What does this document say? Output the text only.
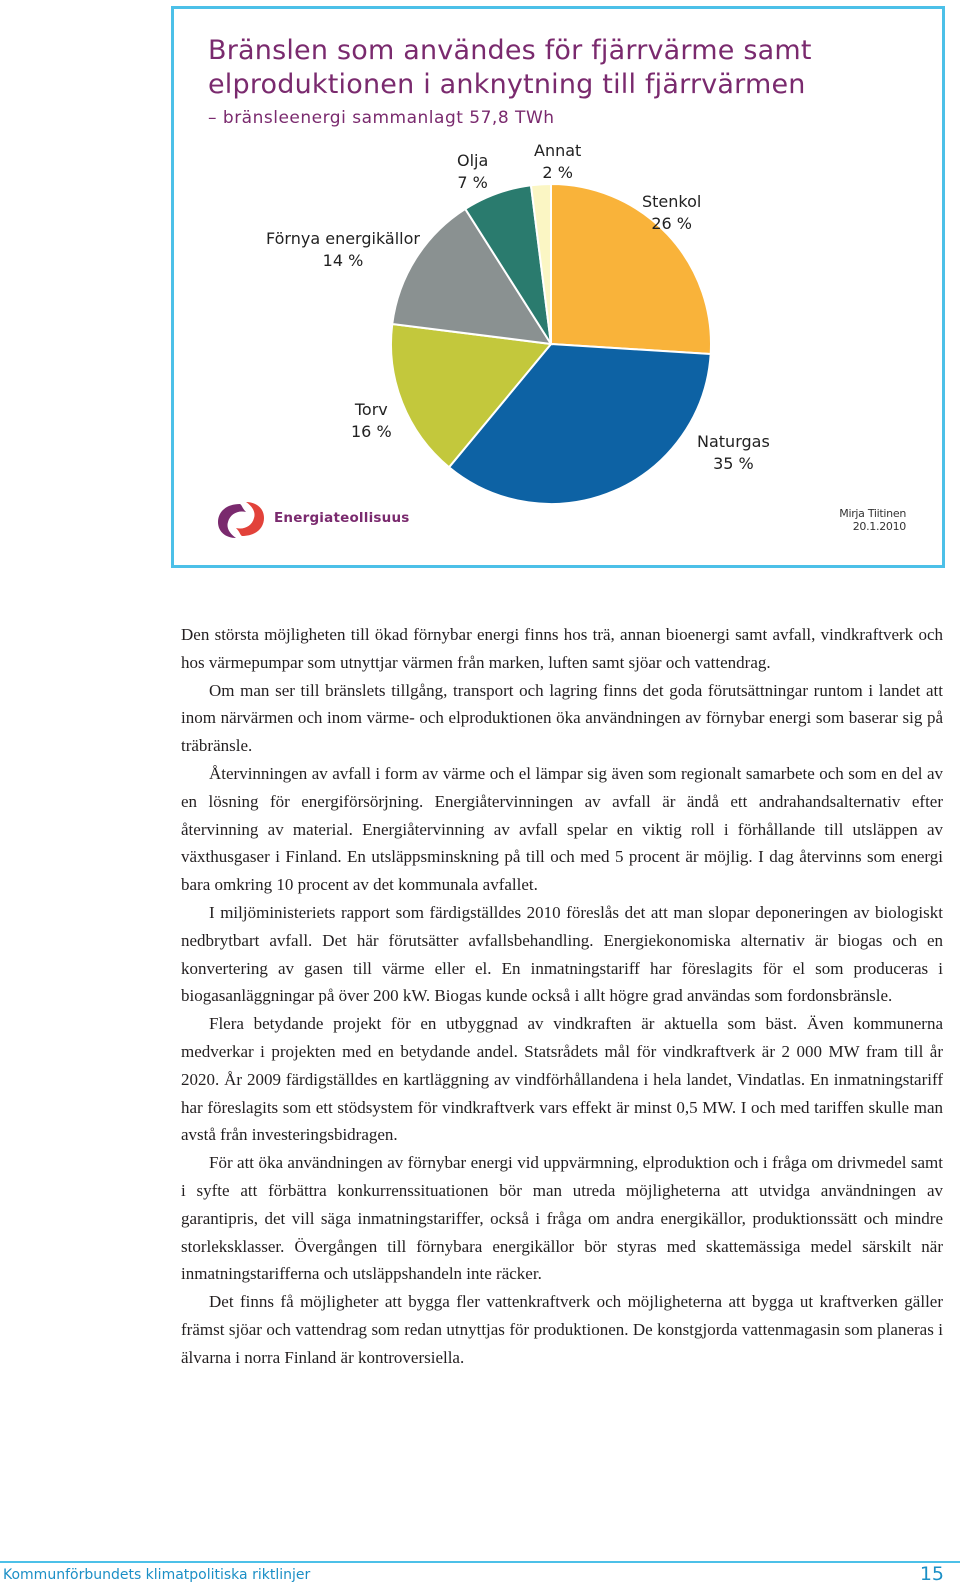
Bränslen som användes för fjärrvärme samt
elproduktionen i anknytning till fjärrvärmen
– bränsleenergi sammanlagt 57,8 TWh
Stenkol
26 %
Naturgas
35 %
Torv
16 %
Förnya energikällor
14 %
Olja
7 %
Annat
2 %
Energiateollisuus	Mirja Tiitinen
20.1.2010

Den största möjligheten till ökad förnybar energi finns hos trä, annan bioenergi samt avfall, vindkraftverk och hos värmepumpar som utnyttjar värmen från marken, luften samt sjöar och vattendrag.

Om man ser till bränslets tillgång, transport och lagring finns det goda förutsättningar runtom i landet att inom närvärmen och inom värme- och elproduktionen öka användningen av förnybar energi som baserar sig på träbränsle.

Återvinningen av avfall i form av värme och el lämpar sig även som regionalt samarbete och som en del av en lösning för energiförsörjning. Energiåtervinningen av avfall är ändå ett andrahandsalternativ efter återvinning av material. Energiåtervinning av avfall spelar en viktig roll i förhållande till utsläppen av växthusgaser i Finland. En utsläppsminskning på till och med 5 procent är möjlig. I dag återvinns som energi bara omkring 10 procent av det kommunala avfallet.

I miljöministeriets rapport som färdigställdes 2010 föreslås det att man slopar deponeringen av biologiskt nedbrytbart avfall. Det här förutsätter avfallsbehandling. Energiekonomiska alternativ är biogas och en konvertering av gasen till värme eller el. En inmatningstariff har föreslagits för el som produceras i biogasanläggningar på över 200 kW. Biogas kunde också i allt högre grad användas som fordonsbränsle.

Flera betydande projekt för en utbyggnad av vindkraften är aktuella som bäst. Även kommunerna medverkar i projekten med en betydande andel. Statsrådets mål för vindkraftverk är 2 000 MW fram till år 2020. År 2009 färdigställdes en kartläggning av vindförhållandena i hela landet, Vindatlas. En inmatningstariff har föreslagits som ett stödsystem för vindkraftverk vars effekt är minst 0,5 MW. I och med tariffen skulle man avstå från investeringsbidragen.

För att öka användningen av förnybar energi vid uppvärmning, elproduktion och i fråga om drivmedel samt i syfte att förbättra konkurrenssituationen bör man utreda möjligheterna att utvidga användningen av garantipris, det vill säga inmatningstariffer, också i fråga om andra energikällor, produktionssätt och mindre storleksklasser. Övergången till förnybara energikällor bör styras med skattemässiga medel särskilt när inmatningstarifferna och utsläppshandeln inte räcker.

Det finns få möjligheter att bygga fler vattenkraftverk och möjligheterna att bygga ut kraftverken gäller främst sjöar och vattendrag som redan utnyttjas för produktionen. De konstgjorda vattenmagasin som planeras i älvarna i norra Finland är kontroversiella.

Kommunförbundets klimatpolitiska riktlinjer	15
